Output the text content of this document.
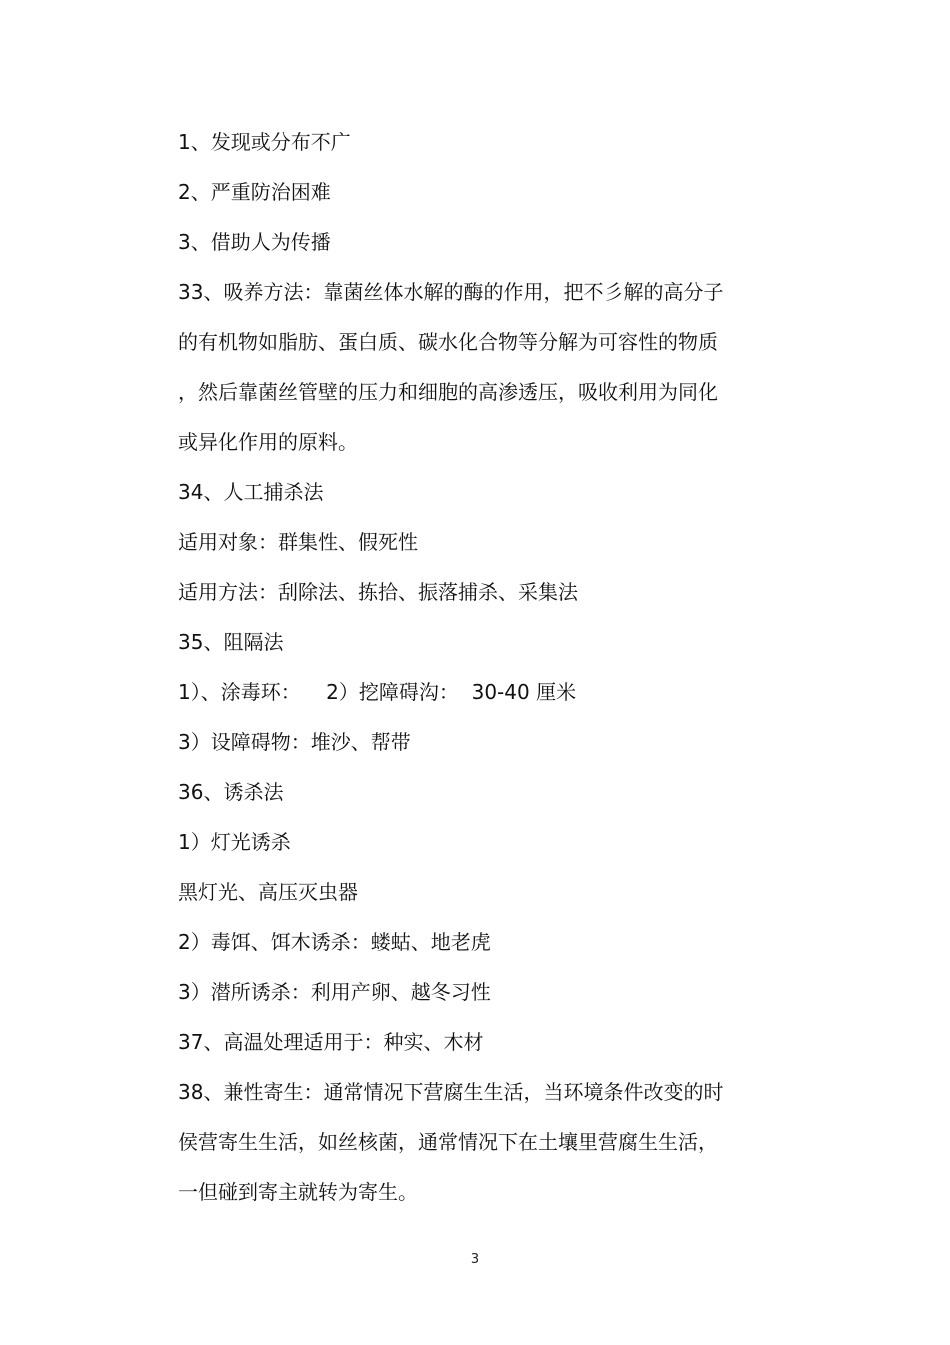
1、发现或分布不广
2、严重防治困难
3、借助人为传播
33、吸养方法：靠菌丝体水解的酶的作用，把不彡解的高分子
的有机物如脂肪、蛋白质、碳水化合物等分解为可容性的物质
，然后靠菌丝管壁的压力和细胞的高渗透压，吸收利用为同化
或异化作用的原料。
34、人工捕杀法
适用对象：群集性、假死性
适用方法：刮除法、拣拾、振落捕杀、采集法
35、阻隔法
1）、涂毒环：    2）挖障碍沟：  30-40 厘米
3）设障碍物：堆沙、帮带
36、诱杀法
1）灯光诱杀
黑灯光、高压灭虫器
2）毒饵、饵木诱杀：蝼蛄、地老虎
3）潜所诱杀：利用产卵、越冬习性
37、高温处理适用于：种实、木材
38、兼性寄生：通常情况下营腐生生活，当环境条件改变的时
侯营寄生生活，如丝核菌，通常情况下在土壤里营腐生生活，
一但碰到寄主就转为寄生。
3
